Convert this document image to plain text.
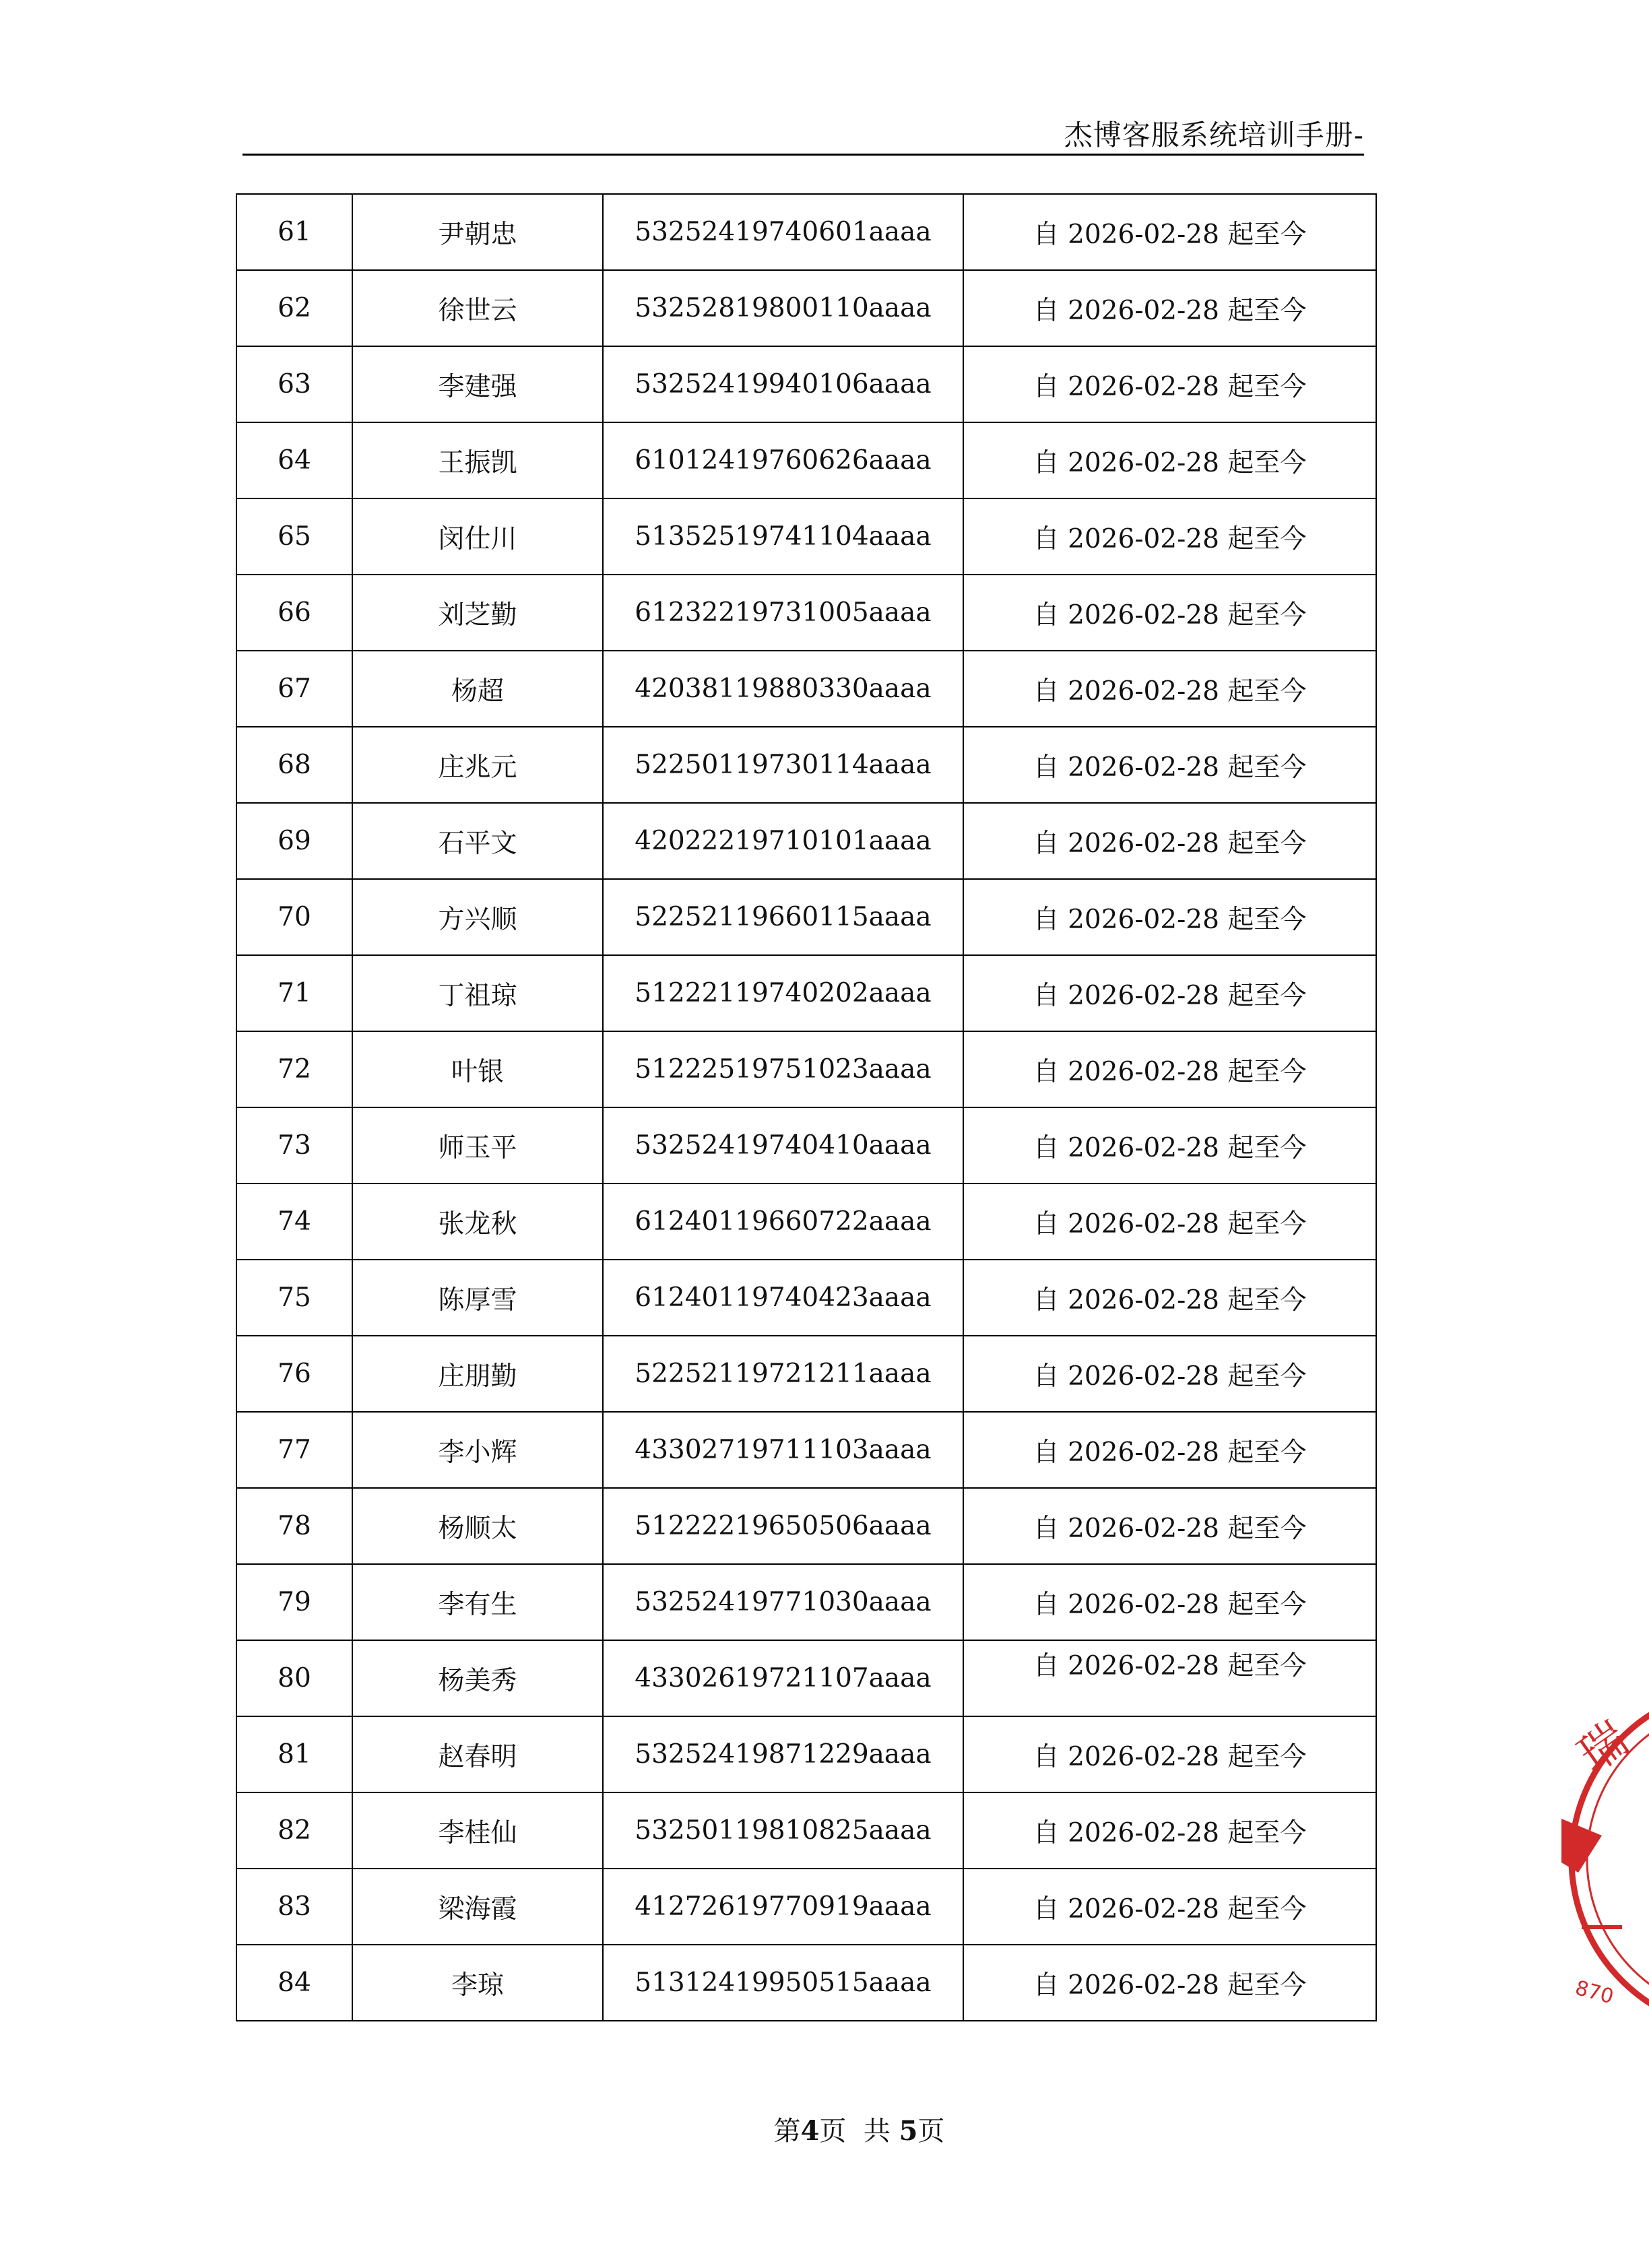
杰博客服系统培训手册-
61	尹朝忠	53252419740601aaaa	自 2026-02-28 起至今
62	徐世云	53252819800110aaaa	自 2026-02-28 起至今
63	李建强	53252419940106aaaa	自 2026-02-28 起至今
64	王振凯	61012419760626aaaa	自 2026-02-28 起至今
65	闵仕川	51352519741104aaaa	自 2026-02-28 起至今
66	刘芝勤	61232219731005aaaa	自 2026-02-28 起至今
67	杨超	42038119880330aaaa	自 2026-02-28 起至今
68	庄兆元	52250119730114aaaa	自 2026-02-28 起至今
69	石平文	42022219710101aaaa	自 2026-02-28 起至今
70	方兴顺	52252119660115aaaa	自 2026-02-28 起至今
71	丁祖琼	51222119740202aaaa	自 2026-02-28 起至今
72	叶银	51222519751023aaaa	自 2026-02-28 起至今
73	师玉平	53252419740410aaaa	自 2026-02-28 起至今
74	张龙秋	61240119660722aaaa	自 2026-02-28 起至今
75	陈厚雪	61240119740423aaaa	自 2026-02-28 起至今
76	庄朋勤	52252119721211aaaa	自 2026-02-28 起至今
77	李小辉	43302719711103aaaa	自 2026-02-28 起至今
78	杨顺太	51222219650506aaaa	自 2026-02-28 起至今
79	李有生	53252419771030aaaa	自 2026-02-28 起至今
80	杨美秀	43302619721107aaaa	自 2026-02-28 起至今
81	赵春明	53252419871229aaaa	自 2026-02-28 起至今
82	李桂仙	53250119810825aaaa	自 2026-02-28 起至今
83	梁海霞	41272619770919aaaa	自 2026-02-28 起至今
84	李琼	51312419950515aaaa	自 2026-02-28 起至今
第4页  共 5页
瑞
870
